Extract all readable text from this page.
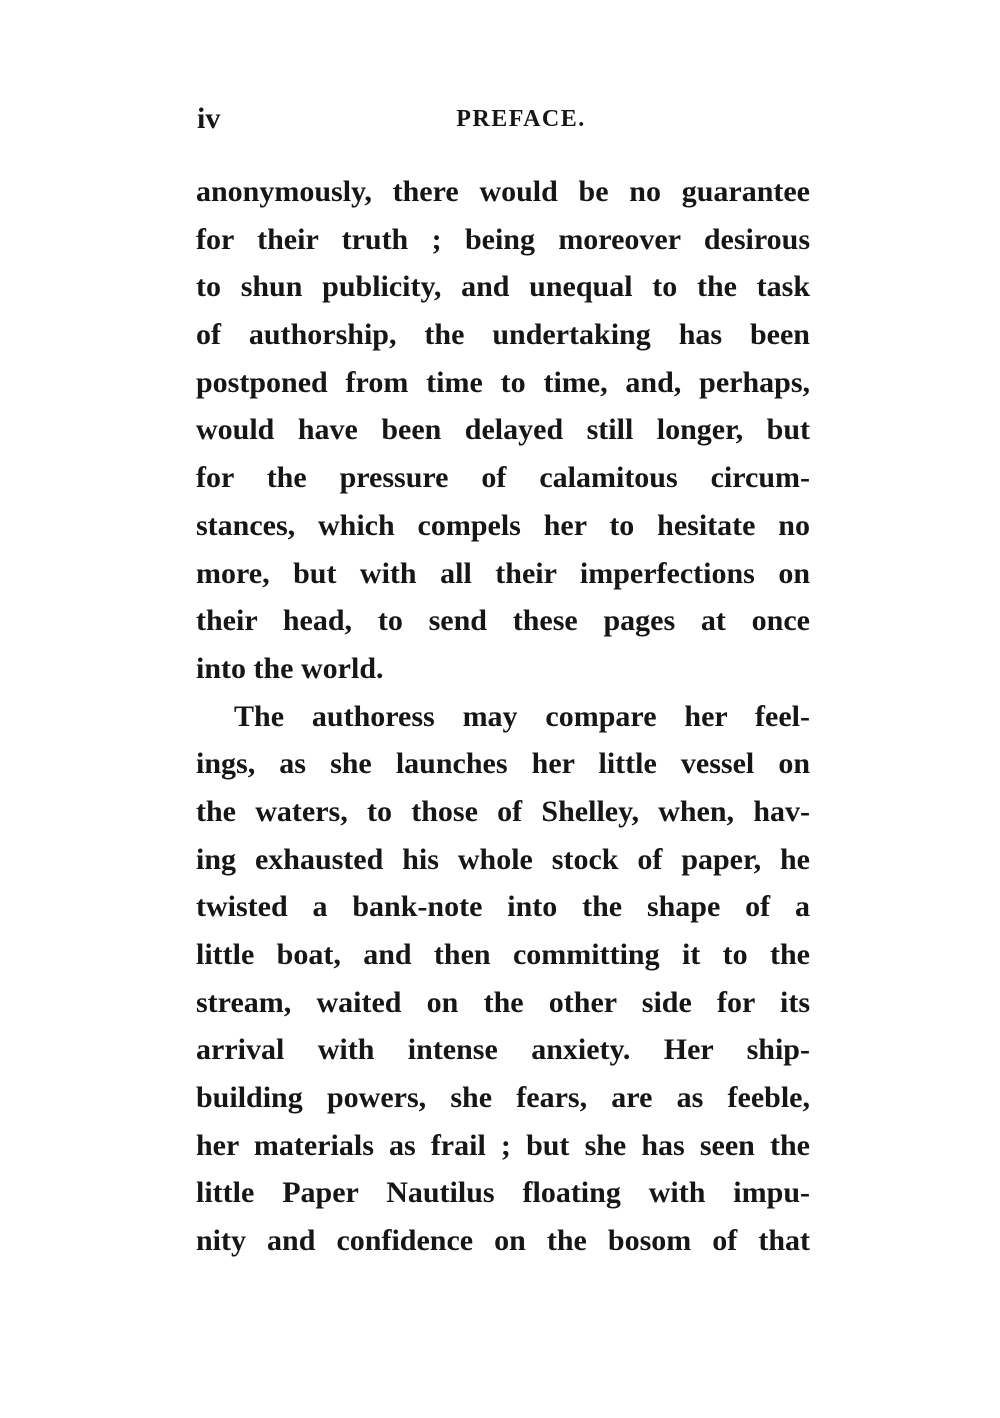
iv	PREFACE.
anonymously, there would be no guarantee
for their truth ; being moreover desirous
to shun publicity, and unequal to the task
of authorship, the undertaking has been
postponed from time to time, and, perhaps,
would have been delayed still longer, but
for the pressure of calamitous circum-
stances, which compels her to hesitate no
more, but with all their imperfections on
their head, to send these pages at once
into the world.
The authoress may compare her feel-
ings, as she launches her little vessel on
the waters, to those of Shelley, when, hav-
ing exhausted his whole stock of paper, he
twisted a bank-note into the shape of a
little boat, and then committing it to the
stream, waited on the other side for its
arrival with intense anxiety. Her ship-
building powers, she fears, are as feeble,
her materials as frail ; but she has seen the
little Paper Nautilus floating with impu-
nity and confidence on the bosom of that
